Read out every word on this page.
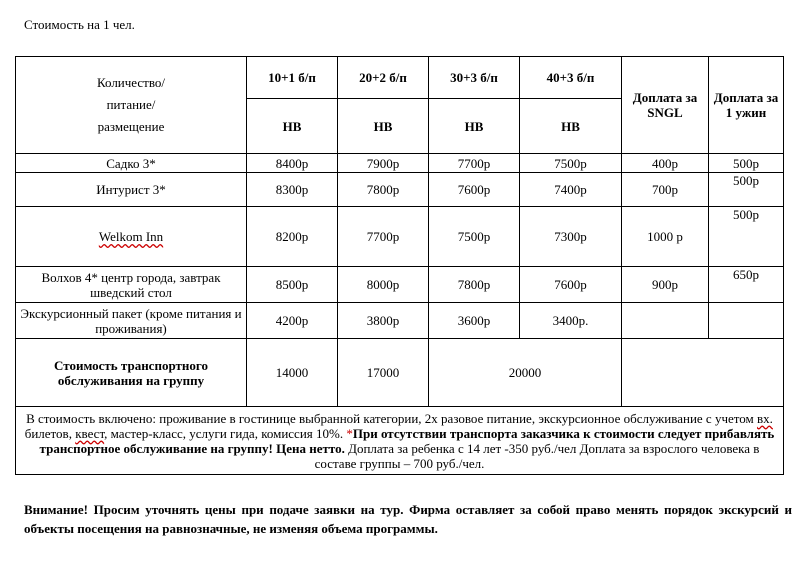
Стоимость на 1 чел.
Количество/
питание/
размещение	10+1 б/п	20+2 б/п	30+3 б/п	40+3 б/п	Доплата за SNGL	Доплата за 1 ужин
	НВ	НВ	НВ	НВ		
Садко 3*	8400р	7900р	7700р	7500р	400р	500р
Интурист 3*	8300р	7800р	7600р	7400р	700р	500р
Welkom Inn	8200р	7700р	7500р	7300р	1000 р	500р
Волхов 4* центр города, завтрак шведский стол	8500р	8000р	7800р	7600р	900р	650р
Экскурсионный пакет (кроме питания и проживания)	4200р	3800р	3600р	3400р.		
Стоимость транспортного обслуживания на группу	14000	17000	20000			
В стоимость включено: проживание в гостинице выбранной категории, 2х разовое питание, экскурсионное обслуживание с учетом вх. билетов, квест, мастер-класс, услуги гида, комиссия 10%. *При отсутствии транспорта заказчика к стоимости следует прибавлять транспортное обслуживание на группу! Цена нетто. Доплата за ребенка с 14 лет -350 руб./чел Доплата за взрослого человека в составе группы – 700 руб./чел.						
Внимание! Просим уточнять цены при подаче заявки на тур. Фирма оставляет за собой право менять порядок экскурсий и объекты посещения на равнозначные, не изменяя объема программы.
